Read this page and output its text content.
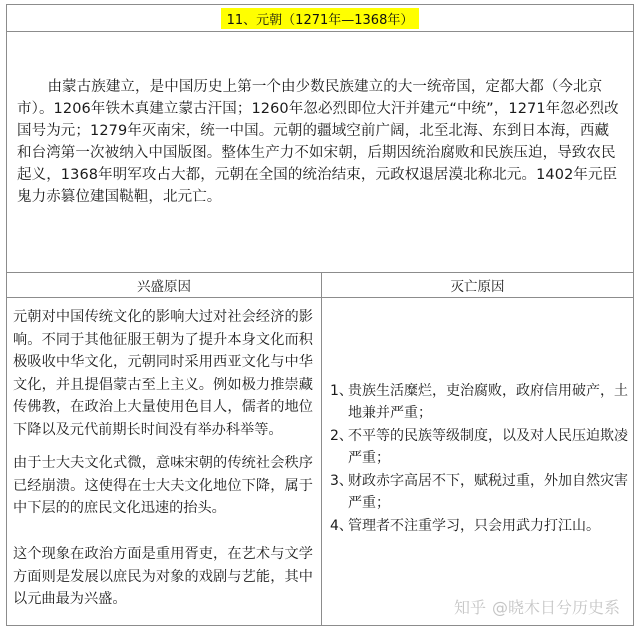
11、元朝（1271年—1368年）

由蒙古族建立，是中国历史上第一个由少数民族建立的大一统帝国，定都大都（今北京市）。1206年铁木真建立蒙古汗国；1260年忽必烈即位大汗并建元“中统”，1271年忽必烈改国号为元；1279年灭南宋，统一中国。元朝的疆域空前广阔，北至北海、东到日本海，西藏和台湾第一次被纳入中国版图。整体生产力不如宋朝，后期因统治腐败和民族压迫，导致农民起义，1368年明军攻占大都，元朝在全国的统治结束，元政权退居漠北称北元。1402年元臣鬼力赤篡位建国鞑靼，北元亡。

兴盛原因	灭亡原因

元朝对中国传统文化的影响大过对社会经济的影响。不同于其他征服王朝为了提升本身文化而积极吸收中华文化，元朝同时采用西亚文化与中华文化，并且提倡蒙古至上主义。例如极力推崇藏传佛教，在政治上大量使用色目人，儒者的地位下降以及元代前期长时间没有举办科举等。

由于士大夫文化式微，意味宋朝的传统社会秩序已经崩溃。这使得在士大夫文化地位下降，属于中下层的的庶民文化迅速的抬头。

这个现象在政治方面是重用胥吏，在艺术与文学方面则是发展以庶民为对象的戏剧与艺能，其中以元曲最为兴盛。

1、贵族生活糜烂，吏治腐败，政府信用破产，土地兼并严重；
2、不平等的民族等级制度，以及对人民压迫欺凌严重；
3、财政赤字高居不下，赋税过重，外加自然灾害严重；
4、管理者不注重学习，只会用武力打江山。
知乎 @晓木日兮历史系
